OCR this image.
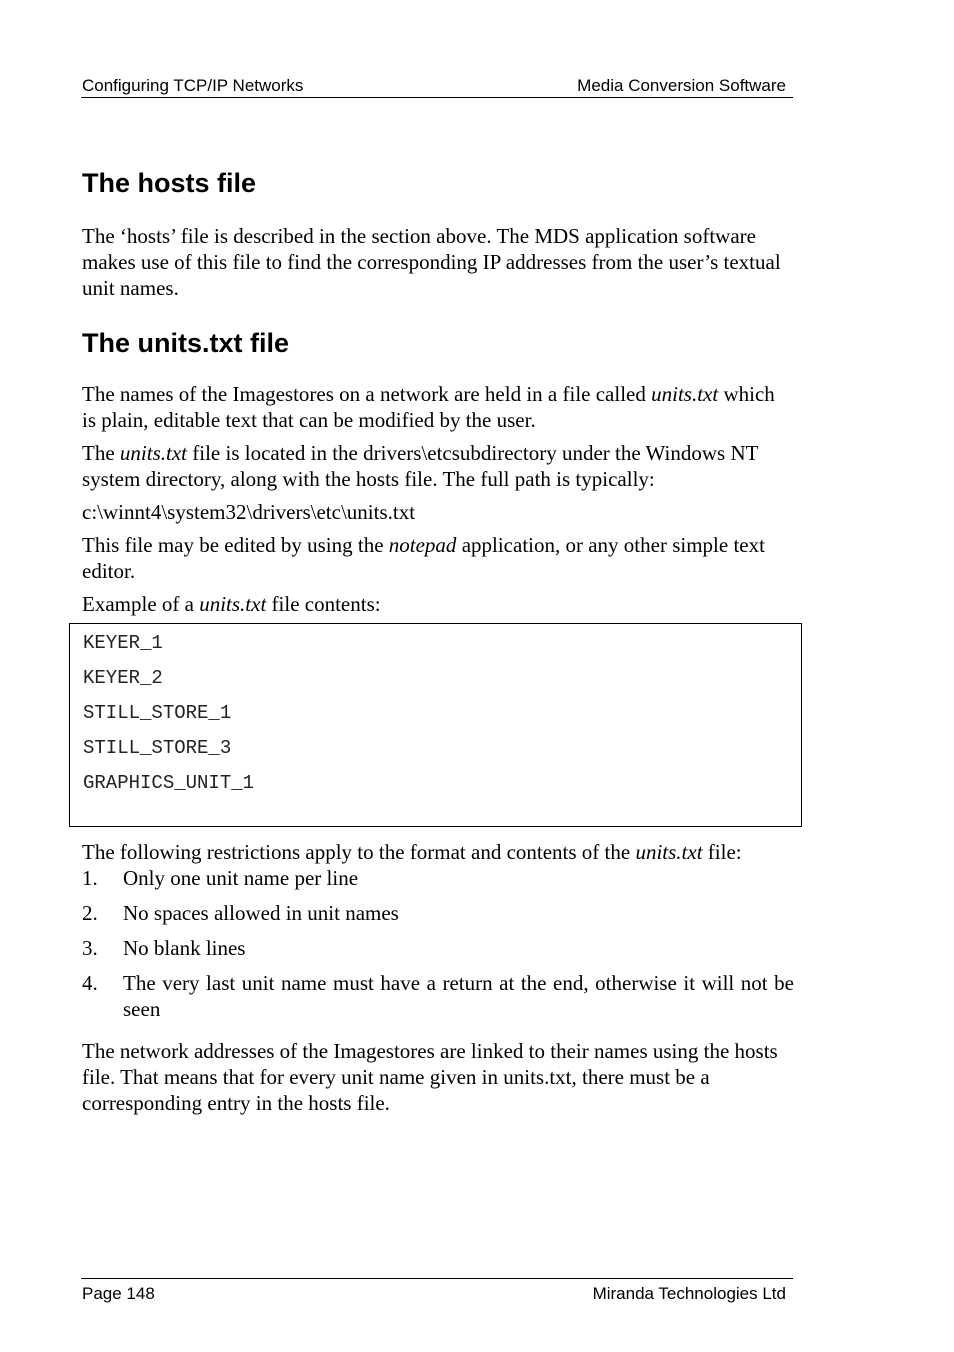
Configuring TCP/IP Networks	Media Conversion Software
The hosts file

The ‘hosts’ file is described in the section above. The MDS application software makes use of this file to find the corresponding IP addresses from the user’s textual unit names.

The units.txt file

The names of the Imagestores on a network are held in a file called units.txt which is plain, editable text that can be modified by the user.

The units.txt file is located in the drivers\etcsubdirectory under the Windows NT system directory, along with the hosts file. The full path is typically:

c:\winnt4\system32\drivers\etc\units.txt

This file may be edited by using the notepad application, or any other simple text editor.

Example of a units.txt file contents:

KEYER_1
KEYER_2
STILL_STORE_1
STILL_STORE_3
GRAPHICS_UNIT_1

The following restrictions apply to the format and contents of the units.txt file:

1. Only one unit name per line
2. No spaces allowed in unit names
3. No blank lines
4. The very last unit name must have a return at the end, otherwise it will not be seen

The network addresses of the Imagestores are linked to their names using the hosts file. That means that for every unit name given in units.txt, there must be a corresponding entry in the hosts file.

Page 148	Miranda Technologies Ltd
